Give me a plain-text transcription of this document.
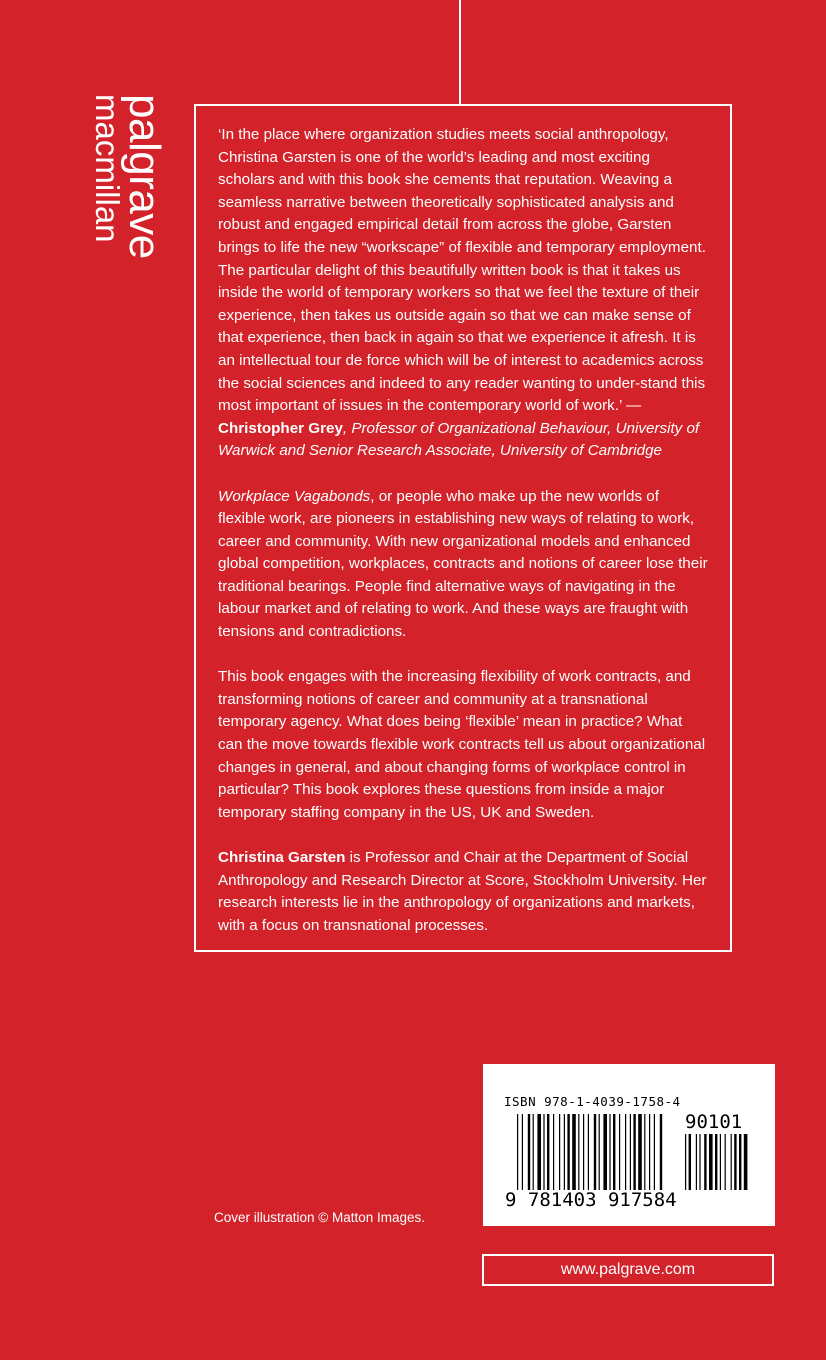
palgrave
macmillan	‘In the place where organization studies meets social anthropology, Christina Garsten is one of the world’s leading and most exciting scholars and with this book she cements that reputation. Weaving a seamless narrative between theoretically sophisticated analysis and robust and engaged empirical detail from across the globe, Garsten brings to life the new “workscape” of flexible and temporary employment. The particular delight of this beautifully written book is that it takes us inside the world of temporary workers so that we feel the texture of their experience, then takes us outside again so that we can make sense of that experience, then back in again so that we experience it afresh. It is an intellectual tour de force which will be of interest to academics across the social sciences and indeed to any reader wanting to under-stand this most important of issues in the contemporary world of work.’ — Christopher Grey, Professor of Organizational Behaviour, University of Warwick and Senior Research Associate, University of Cambridge

Workplace Vagabonds, or people who make up the new worlds of flexible work, are pioneers in establishing new ways of relating to work, career and community. With new organizational models and enhanced global competition, workplaces, contracts and notions of career lose their traditional bearings. People find alternative ways of navigating in the labour market and of relating to work. And these ways are fraught with tensions and contradictions.

This book engages with the increasing flexibility of work contracts, and transforming notions of career and community at a transnational temporary agency. What does being ‘flexible’ mean in practice? What can the move towards flexible work contracts tell us about organizational changes in general, and about changing forms of workplace control in particular? This book explores these questions from inside a major temporary staffing company in the US, UK and Sweden.

Christina Garsten is Professor and Chair at the Department of Social Anthropology and Research Director at Score, Stockholm University. Her research interests lie in the anthropology of organizations and markets, with a focus on transnational processes.

ISBN 978-1-4039-1758-4
9 781403 917584
90101
Cover illustration © Matton Images.
www.palgrave.com
